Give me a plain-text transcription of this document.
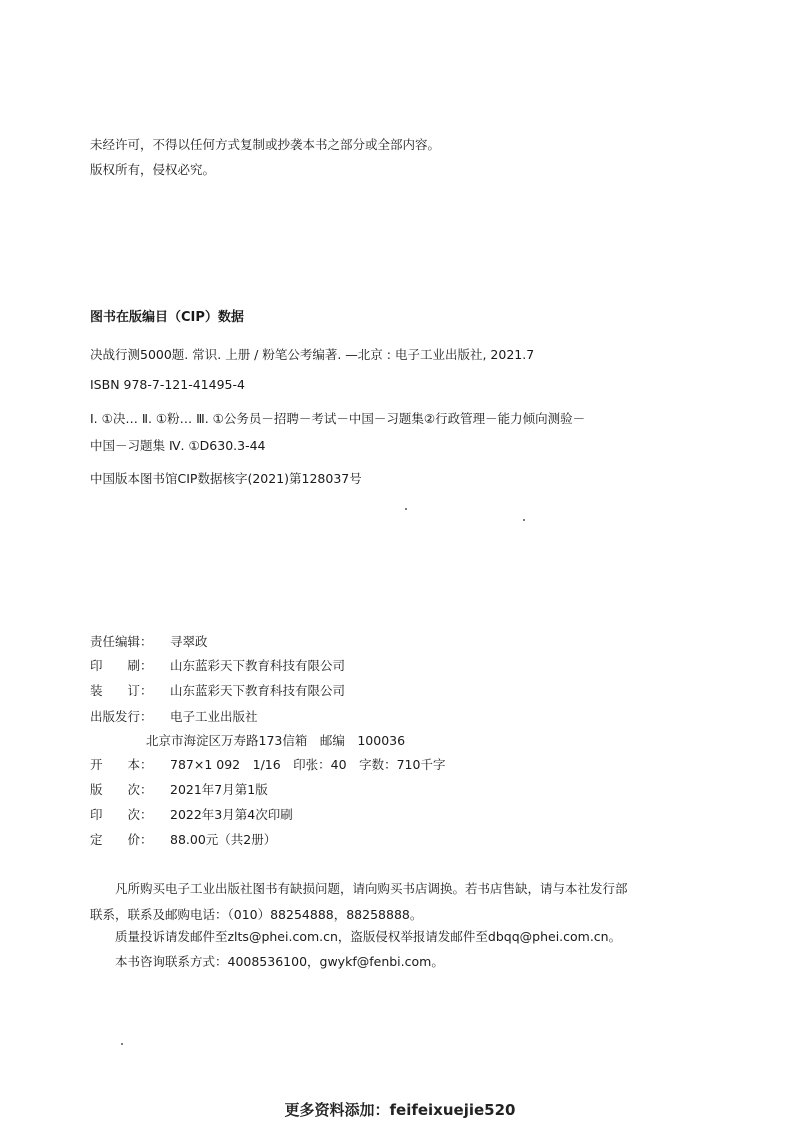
未经许可，不得以任何方式复制或抄袭本书之部分或全部内容。
版权所有，侵权必究。
图书在版编目（CIP）数据
决战行测5000题. 常识. 上册 / 粉笔公考编著. —北京 : 电子工业出版社, 2021.7
ISBN 978-7-121-41495-4
Ⅰ. ①决… Ⅱ. ①粉… Ⅲ. ①公务员－招聘－考试－中国－习题集②行政管理－能力倾向测验－
中国－习题集 Ⅳ. ①D630.3-44
中国版本图书馆CIP数据核字(2021)第128037号
责任编辑： 寻翠政
印　　刷： 山东蓝彩天下教育科技有限公司
装　　订： 山东蓝彩天下教育科技有限公司
出版发行： 电子工业出版社
北京市海淀区万寿路173信箱　邮编　100036
开　　本： 787×1 092　1/16　印张：40　字数：710千字
版　　次： 2021年7月第1版
印　　次： 2022年3月第4次印刷
定　　价： 88.00元（共2册）
凡所购买电子工业出版社图书有缺损问题，请向购买书店调换。若书店售缺，请与本社发行部
联系，联系及邮购电话：（010）88254888，88258888。
质量投诉请发邮件至zlts@phei.com.cn，盗版侵权举报请发邮件至dbqq@phei.com.cn。
本书咨询联系方式：4008536100，gwykf@fenbi.com。
更多资料添加：feifeixuejie520
